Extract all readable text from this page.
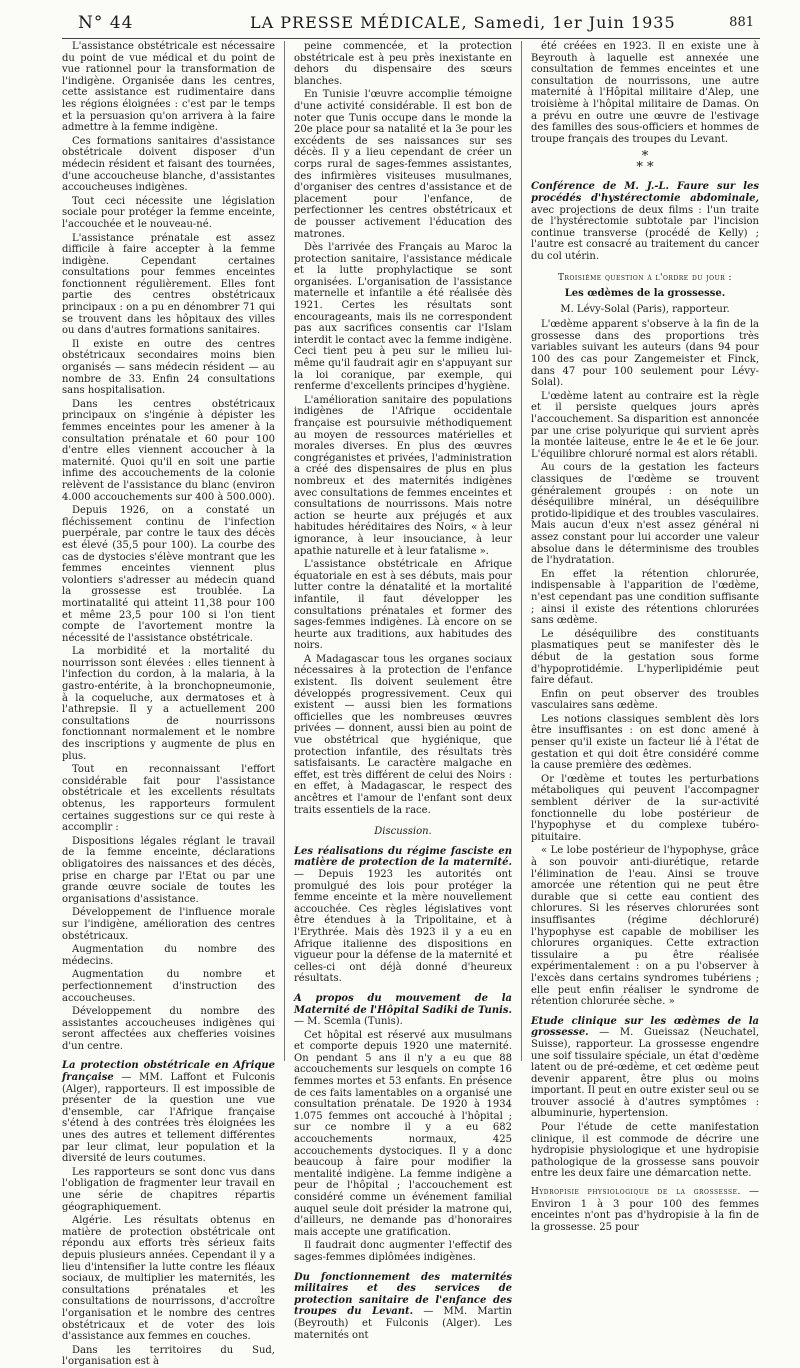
N° 44	LA PRESSE MÉDICALE, Samedi, 1er Juin 1935	881

L'assistance obstétricale est nécessaire du point de vue médical et du point de vue rationnel pour la transformation de l'indigène. Organisée dans les centres, cette assistance est rudimentaire dans les régions éloignées : c'est par le temps et la persuasion qu'on arrivera à la faire admettre à la femme indigène.

Ces formations sanitaires d'assistance obstétricale doivent disposer d'un médecin résident et faisant des tournées, d'une accoucheuse blanche, d'assistantes accoucheuses indigènes.

Tout ceci nécessite une législation sociale pour protéger la femme enceinte, l'accouchée et le nouveau-né.

L'assistance prénatale est assez difficile à faire accepter à la femme indigène. Cependant certaines consultations pour femmes enceintes fonctionnent régulièrement. Elles font partie des centres obstétricaux principaux : on a pu en dénombrer 71 qui se trouvent dans les hôpitaux des villes ou dans d'autres formations sanitaires.

Il existe en outre des centres obstétricaux secondaires moins bien organisés — sans médecin résident — au nombre de 33. Enfin 24 consultations sans hospitalisation.

Dans les centres obstétricaux principaux on s'ingénie à dépister les femmes enceintes pour les amener à la consultation prénatale et 60 pour 100 d'entre elles viennent accoucher à la maternité. Quoi qu'il en soit une partie infime des accouchements de la colonie relèvent de l'assistance du blanc (environ 4.000 accouchements sur 400 à 500.000).

Depuis 1926, on a constaté un fléchissement continu de l'infection puerpérale, par contre le taux des décès est élevé (35,5 pour 100). La courbe des cas de dystocies s'élève montrant que les femmes enceintes viennent plus volontiers s'adresser au médecin quand la grossesse est troublée. La mortinatalité qui atteint 11,38 pour 100 et même 23,5 pour 100 si l'on tient compte de l'avortement montre la nécessité de l'assistance obstétricale.

La morbidité et la mortalité du nourrisson sont élevées : elles tiennent à l'infection du cordon, à la malaria, à la gastro-entérite, à la bronchopneumonie, à la coqueluche, aux dermatoses et à l'athrepsie. Il y a actuellement 200 consultations de nourrissons fonctionnant normalement et le nombre des inscriptions y augmente de plus en plus.

Tout en reconnaissant l'effort considérable fait pour l'assistance obstétricale et les excellents résultats obtenus, les rapporteurs formulent certaines suggestions sur ce qui reste à accomplir :

Dispositions légales réglant le travail de la femme enceinte, déclarations obligatoires des naissances et des décès, prise en charge par l'Etat ou par une grande œuvre sociale de toutes les organisations d'assistance.

Développement de l'influence morale sur l'indigène, amélioration des centres obstétricaux.

Augmentation du nombre des médecins.

Augmentation du nombre et perfectionnement d'instruction des accoucheuses.

Développement du nombre des assistantes accoucheuses indigènes qui seront affectées aux chefferies voisines d'un centre.

La protection obstétricale en Afrique française — MM. Laffont et Fulconis (Alger), rapporteurs. Il est impossible de présenter de la question une vue d'ensemble, car l'Afrique française s'étend à des contrées très éloignées les unes des autres et tellement différentes par leur climat, leur population et la diversité de leurs coutumes.

Les rapporteurs se sont donc vus dans l'obligation de fragmenter leur travail en une série de chapitres répartis géographiquement.

Algérie. Les résultats obtenus en matière de protection obstétricale ont répondu aux efforts très sérieux faits depuis plusieurs années. Cependant il y a lieu d'intensifier la lutte contre les fléaux sociaux, de multiplier les maternités, les consultations prénatales et les consultations de nourrissons, d'accroître l'organisation et le nombre des centres obstétricaux et de voter des lois d'assistance aux femmes en couches.

Dans les territoires du Sud, l'organisation est à

peine commencée, et la protection obstétricale est à peu près inexistante en dehors du dispensaire des sœurs blanches.

En Tunisie l'œuvre accomplie témoigne d'une activité considérable. Il est bon de noter que Tunis occupe dans le monde la 20e place pour sa natalité et la 3e pour les excédents de ses naissances sur ses décès. Il y a lieu cependant de créer un corps rural de sages-femmes assistantes, des infirmières visiteuses musulmanes, d'organiser des centres d'assistance et de placement pour l'enfance, de perfectionner les centres obstétricaux et de pousser activement l'éducation des matrones.

Dès l'arrivée des Français au Maroc la protection sanitaire, l'assistance médicale et la lutte prophylactique se sont organisées. L'organisation de l'assistance maternelle et infantile a été réalisée dès 1921. Certes les résultats sont encourageants, mais ils ne correspondent pas aux sacrifices consentis car l'Islam interdit le contact avec la femme indigène. Ceci tient peu à peu sur le milieu lui-même qu'il faudrait agir en s'appuyant sur la loi coranique, par exemple, qui renferme d'excellents principes d'hygiène.

L'amélioration sanitaire des populations indigènes de l'Afrique occidentale française est poursuivie méthodiquement au moyen de ressources matérielles et morales diverses. En plus des œuvres congréganistes et privées, l'administration a créé des dispensaires de plus en plus nombreux et des maternités indigènes avec consultations de femmes enceintes et consultations de nourrissons. Mais notre action se heurte aux préjugés et aux habitudes héréditaires des Noirs, « à leur ignorance, à leur insouciance, à leur apathie naturelle et à leur fatalisme ».

L'assistance obstétricale en Afrique équatoriale en est à ses débuts, mais pour lutter contre la dénatalité et la mortalité infantile, il faut développer les consultations prénatales et former des sages-femmes indigènes. Là encore on se heurte aux traditions, aux habitudes des noirs.

A Madagascar tous les organes sociaux nécessaires à la protection de l'enfance existent. Ils doivent seulement être développés progressivement. Ceux qui existent — aussi bien les formations officielles que les nombreuses œuvres privées — donnent, aussi bien au point de vue obstétrical que hygiénique, que protection infantile, des résultats très satisfaisants. Le caractère malgache en effet, est très différent de celui des Noirs : en effet, à Madagascar, le respect des ancêtres et l'amour de l'enfant sont deux traits essentiels de la race.

Discussion.

Les réalisations du régime fasciste en matière de protection de la maternité. — Depuis 1923 les autorités ont promulgué des lois pour protéger la femme enceinte et la mère nouvellement accouchée. Ces règles législatives vont être étendues à la Tripolitaine, et à l'Erythrée. Mais dès 1923 il y a eu en Afrique italienne des dispositions en vigueur pour la défense de la maternité et celles-ci ont déjà donné d'heureux résultats.

A propos du mouvement de la Maternité de l'Hôpital Sadiki de Tunis. — M. Scemla (Tunis).

Cet hôpital est réservé aux musulmans et comporte depuis 1920 une maternité. On pendant 5 ans il n'y a eu que 88 accouchements sur lesquels on compte 16 femmes mortes et 53 enfants. En présence de ces faits lamentables on a organisé une consultation prénatale. De 1920 à 1934 1.075 femmes ont accouché à l'hôpital ; sur ce nombre il y a eu 682 accouchements normaux, 425 accouchements dystociques. Il y a donc beaucoup à faire pour modifier la mentalité indigène. La femme indigène a peur de l'hôpital ; l'accouchement est considéré comme un événement familial auquel seule doit présider la matrone qui, d'ailleurs, ne demande pas d'honoraires mais accepte une gratification.

Il faudrait donc augmenter l'effectif des sages-femmes diplômées indigènes.

Du fonctionnement des maternités militaires et des services de protection sanitaire de l'enfance des troupes du Levant. — MM. Martin (Beyrouth) et Fulconis (Alger). Les maternités ont

été créées en 1923. Il en existe une à Beyrouth à laquelle est annexée une consultation de femmes enceintes et une consultation de nourrissons, une autre maternité à l'Hôpital militaire d'Alep, une troisième à l'hôpital militaire de Damas. On a prévu en outre une œuvre de l'estivage des familles des sous-officiers et hommes de troupe français des troupes du Levant.

*
* *

Conférence de M. J.-L. Faure sur les procédés d'hystérectomie abdominale, avec projections de deux films : l'un traite de l'hystérectomie subtotale par l'incision continue transverse (procédé de Kelly) ; l'autre est consacré au traitement du cancer du col utérin.

Troisième question à l'ordre du jour :

Les œdèmes de la grossesse.

M. Lévy-Solal (Paris), rapporteur.

L'œdème apparent s'observe à la fin de la grossesse dans des proportions très variables suivant les auteurs (dans 94 pour 100 des cas pour Zangemeister et Finck, dans 47 pour 100 seulement pour Lévy-Solal).

L'œdème latent au contraire est la règle et il persiste quelques jours après l'accouchement. Sa disparition est annoncée par une crise polyurique qui survient après la montée laiteuse, entre le 4e et le 6e jour. L'équilibre chloruré normal est alors rétabli.

Au cours de la gestation les facteurs classiques de l'œdème se trouvent généralement groupés : on note un déséquilibre minéral, un déséquilibre protido-lipidique et des troubles vasculaires. Mais aucun d'eux n'est assez général ni assez constant pour lui accorder une valeur absolue dans le déterminisme des troubles de l'hydratation.

En effet la rétention chlorurée, indispensable à l'apparition de l'œdème, n'est cependant pas une condition suffisante ; ainsi il existe des rétentions chlorurées sans œdème.

Le déséquilibre des constituants plasmatiques peut se manifester dès le début de la gestation sous forme d'hypoprotidémie. L'hyperlipidémie peut faire défaut.

Enfin on peut observer des troubles vasculaires sans œdème.

Les notions classiques semblent dès lors être insuffisantes : on est donc amené à penser qu'il existe un facteur lié à l'état de gestation et qui doit être considéré comme la cause première des œdèmes.

Or l'œdème et toutes les perturbations métaboliques qui peuvent l'accompagner semblent dériver de la sur-activité fonctionnelle du lobe postérieur de l'hypophyse et du complexe tubéro-pituitaire.

« Le lobe postérieur de l'hypophyse, grâce à son pouvoir anti-diurétique, retarde l'élimination de l'eau. Ainsi se trouve amorcée une rétention qui ne peut être durable que si cette eau contient des chlorures. Si les réserves chlorurées sont insuffisantes (régime déchloruré) l'hypophyse est capable de mobiliser les chlorures organiques. Cette extraction tissulaire a pu être réalisée expérimentalement : on a pu l'observer à l'excès dans certains syndromes tubériens ; elle peut enfin réaliser le syndrome de rétention chlorurée sèche. »

Etude clinique sur les œdèmes de la grossesse. — M. Gueissaz (Neuchatel, Suisse), rapporteur. La grossesse engendre une soif tissulaire spéciale, un état d'œdème latent ou de pré-œdème, et cet œdème peut devenir apparent, être plus ou moins important. Il peut en outre exister seul ou se trouver associé à d'autres symptômes : albuminurie, hypertension.

Pour l'étude de cette manifestation clinique, il est commode de décrire une hydropisie physiologique et une hydropisie pathologique de la grossesse sans pouvoir entre les deux faire une démarcation nette.

Hydropisie physiologique de la grossesse. — Environ 1 à 3 pour 100 des femmes enceintes n'ont pas d'hydropisie à la fin de la grossesse. 25 pour
